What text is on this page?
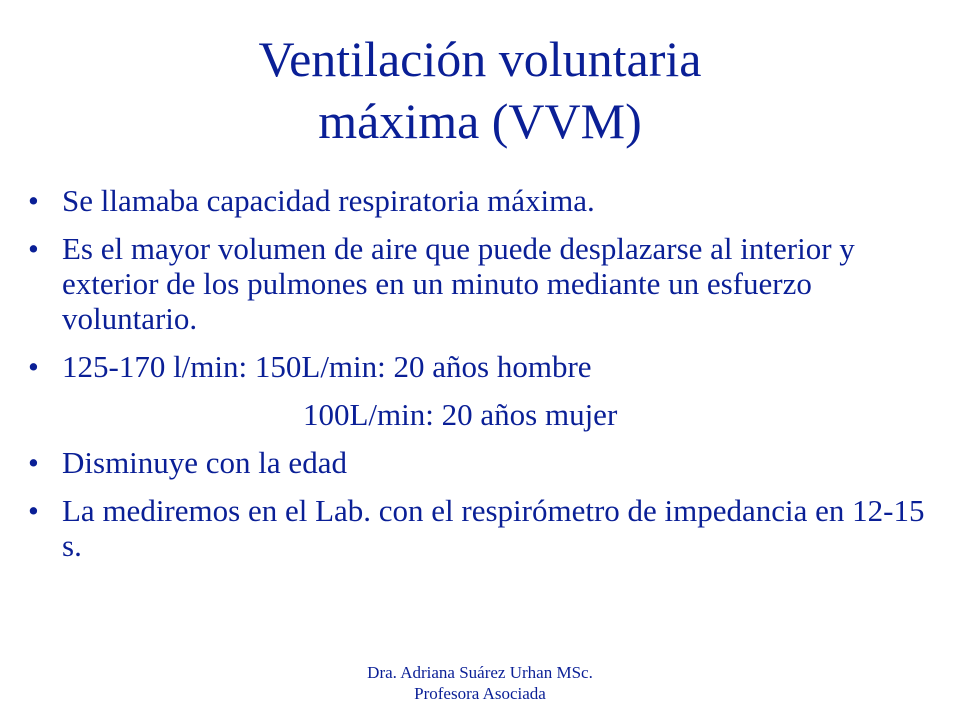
Ventilación voluntaria
máxima (VVM)
• Se llamaba capacidad respiratoria máxima.
• Es el mayor volumen de aire que puede desplazarse al interior y exterior de los pulmones en un minuto mediante un esfuerzo voluntario.
• 125-170 l/min: 150L/min: 20 años hombre
100L/min: 20 años mujer
• Disminuye con la edad
• La mediremos en el Lab. con el respirómetro de impedancia en 12-15 s.
Dra. Adriana Suárez Urhan MSc.
Profesora Asociada
